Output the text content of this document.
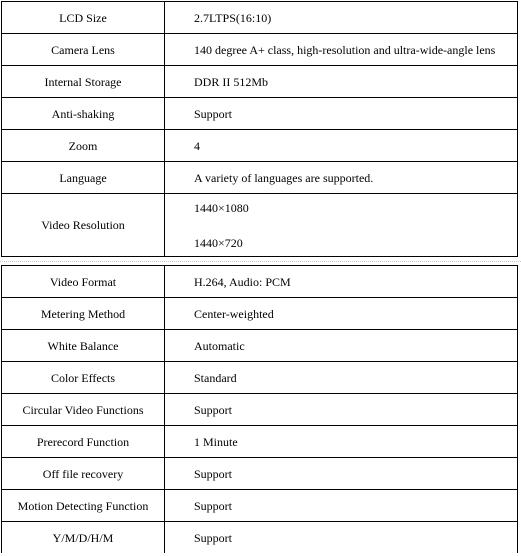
LCD Size	2.7LTPS(16:10)
Camera Lens	140 degree A+ class, high-resolution and ultra-wide-angle lens
Internal Storage	DDR II 512Mb
Anti-shaking	Support
Zoom	4
Language	A variety of languages are supported.
Video Resolution	1440×1080
1440×720
Video Format	H.264, Audio: PCM
Metering Method	Center-weighted
White Balance	Automatic
Color Effects	Standard
Circular Video Functions	Support
Prerecord Function	1 Minute
Off file recovery	Support
Motion Detecting Function	Support
Y/M/D/H/M	Support
